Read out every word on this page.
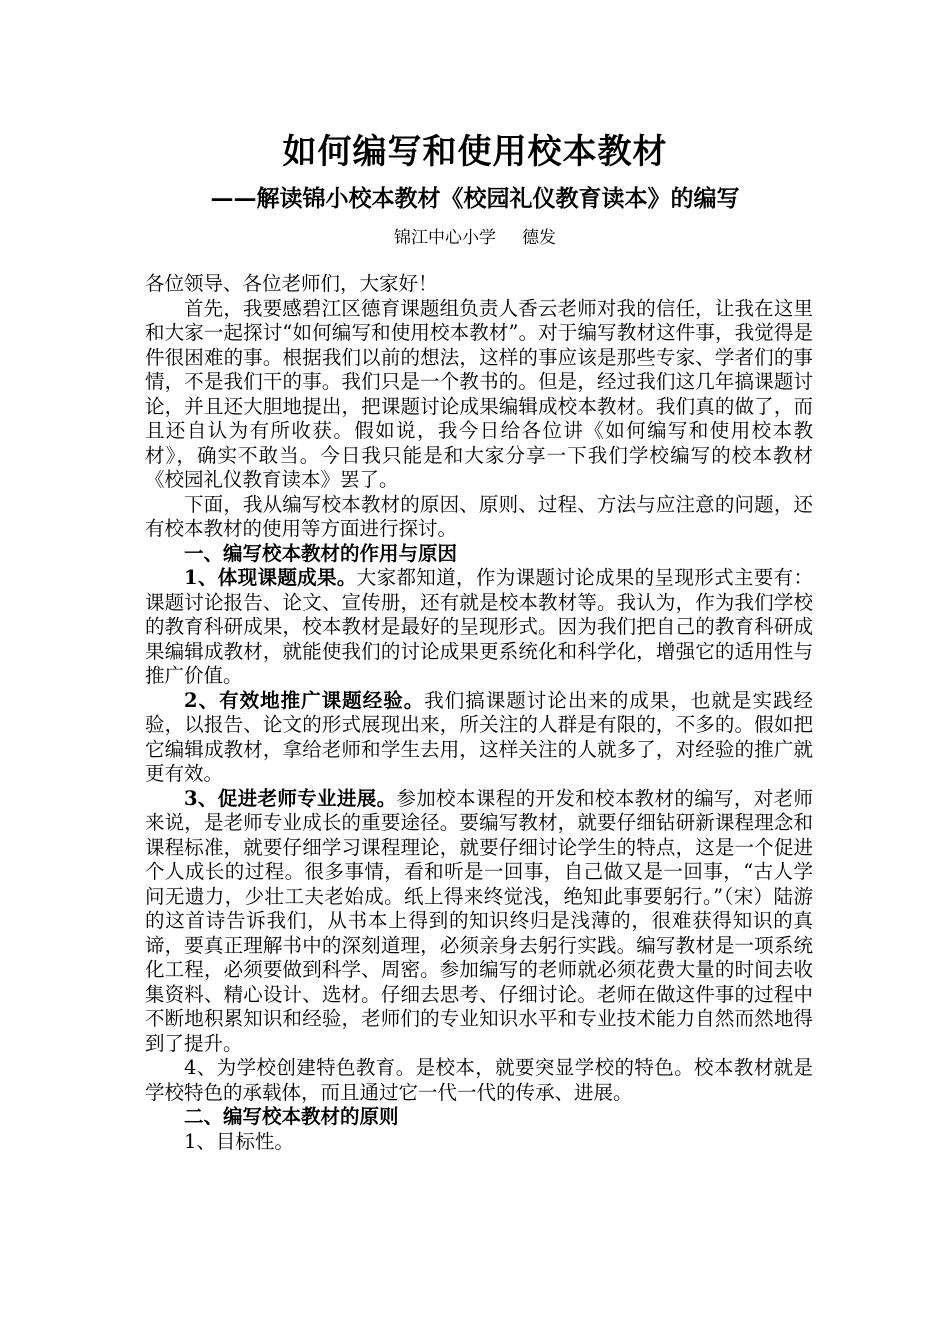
如何编写和使用校本教材
——解读锦小校本教材《校园礼仪教育读本》的编写
锦江中心小学 德发

各位领导、各位老师们，大家好！

首先，我要感碧江区德育课题组负责人香云老师对我的信任，让我在这里和大家一起探讨“如何编写和使用校本教材”。对于编写教材这件事，我觉得是件很困难的事。根据我们以前的想法，这样的事应该是那些专家、学者们的事情，不是我们干的事。我们只是一个教书的。但是，经过我们这几年搞课题讨论，并且还大胆地提出，把课题讨论成果编辑成校本教材。我们真的做了，而且还自认为有所收获。假如说，我今日给各位讲《如何编写和使用校本教材》，确实不敢当。今日我只能是和大家分享一下我们学校编写的校本教材《校园礼仪教育读本》罢了。

下面，我从编写校本教材的原因、原则、过程、方法与应注意的问题，还有校本教材的使用等方面进行探讨。

一、编写校本教材的作用与原因

1、体现课题成果。大家都知道，作为课题讨论成果的呈现形式主要有：课题讨论报告、论文、宣传册，还有就是校本教材等。我认为，作为我们学校的教育科研成果，校本教材是最好的呈现形式。因为我们把自己的教育科研成果编辑成教材，就能使我们的讨论成果更系统化和科学化，增强它的适用性与推广价值。

2、有效地推广课题经验。我们搞课题讨论出来的成果，也就是实践经验，以报告、论文的形式展现出来，所关注的人群是有限的，不多的。假如把它编辑成教材，拿给老师和学生去用，这样关注的人就多了，对经验的推广就更有效。

3、促进老师专业进展。参加校本课程的开发和校本教材的编写，对老师来说，是老师专业成长的重要途径。要编写教材，就要仔细钻研新课程理念和课程标准，就要仔细学习课程理论，就要仔细讨论学生的特点，这是一个促进个人成长的过程。很多事情，看和听是一回事，自己做又是一回事，“古人学问无遗力，少壮工夫老始成。纸上得来终觉浅，绝知此事要躬行。”（宋）陆游的这首诗告诉我们，从书本上得到的知识终归是浅薄的，很难获得知识的真谛，要真正理解书中的深刻道理，必须亲身去躬行实践。编写教材是一项系统化工程，必须要做到科学、周密。参加编写的老师就必须花费大量的时间去收集资料、精心设计、选材。仔细去思考、仔细讨论。老师在做这件事的过程中不断地积累知识和经验，老师们的专业知识水平和专业技术能力自然而然地得到了提升。

4、为学校创建特色教育。是校本，就要突显学校的特色。校本教材就是学校特色的承载体，而且通过它一代一代的传承、进展。

二、编写校本教材的原则

1、目标性。
